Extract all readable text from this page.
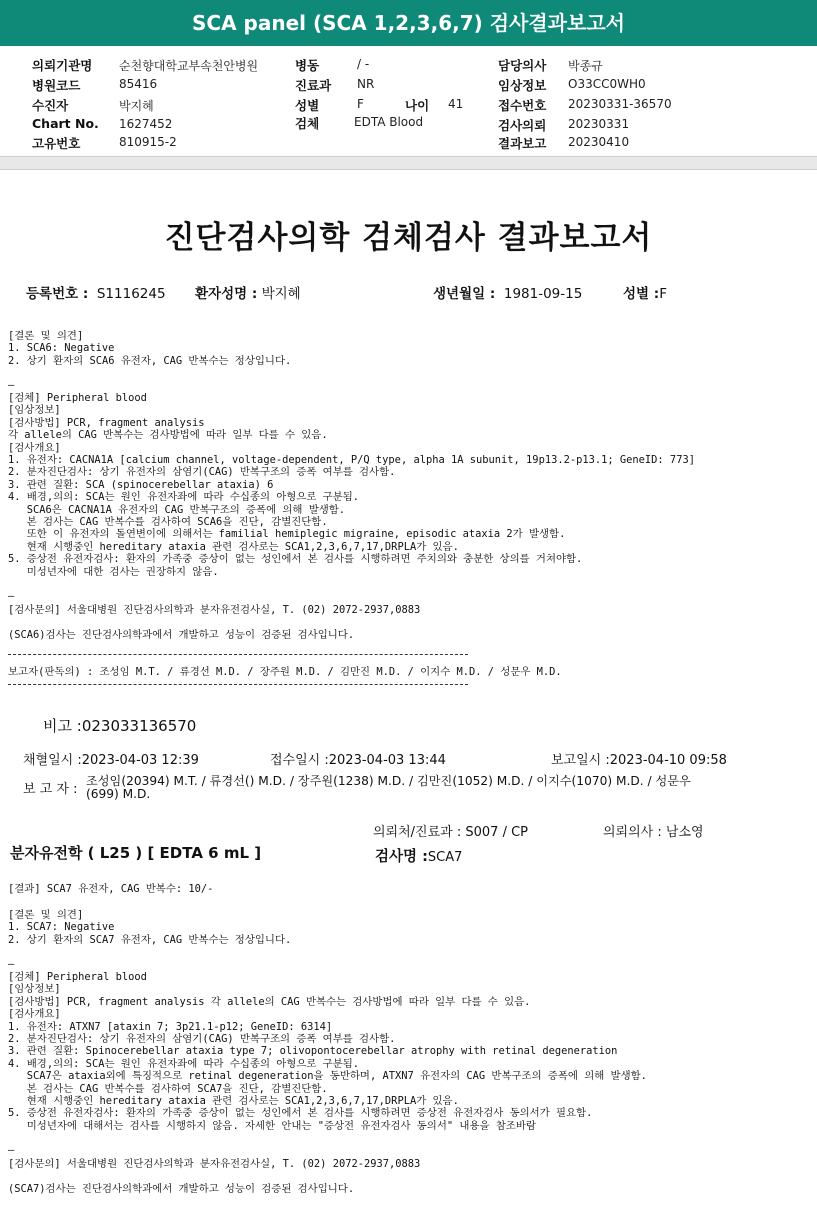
SCA panel (SCA 1,2,3,6,7) 검사결과보고서
의뢰기관명 순천향대학교부속천안병원	병동	/ -	담당의사 박종규
병원코드	85416	진료과 NR	임상정보 O33CC0WH0
수진자	박지혜	성별	F	나이 41	접수번호 20230331-36570
Chart No. 1627452	검체	EDTA Blood	검사의뢰 20230331
고유번호	810915-2	결과보고 20230410
진단검사의학 검체검사 결과보고서
등록번호 : S1116245 환자성명 : 박지혜	생년월일 : 1981-09-15	성별 :F
[결론 및 의견]
1. SCA6: Negative
2. 상기 환자의 SCA6 유전자, CAG 반복수는 정상입니다.
—
[검체] Peripheral blood
[임상정보]
[검사방법] PCR, fragment analysis
각 allele의 CAG 반복수는 검사방법에 따라 일부 다를 수 있음.
[검사개요]
1. 유전자: CACNA1A [calcium channel, voltage-dependent, P/Q type, alpha 1A subunit, 19p13.2-p13.1; GeneID: 773]
2. 분자진단검사: 상기 유전자의 삼염기(CAG) 반복구조의 증폭 여부를 검사함.
3. 관련 질환: SCA (spinocerebellar ataxia) 6
4. 배경,의의: SCA는 원인 유전자좌에 따라 수십종의 아형으로 구분됨.
SCA6은 CACNA1A 유전자의 CAG 반복구조의 증폭에 의해 발생함.
본 검사는 CAG 반복수를 검사하여 SCA6을 진단, 감별진단함.
또한 이 유전자의 돌연변이에 의해서는 familial hemiplegic migraine, episodic ataxia 2가 발생함.
현재 시행중인 hereditary ataxia 관련 검사로는 SCA1,2,3,6,7,17,DRPLA가 있음.
5. 증상전 유전자검사: 환자의 가족중 증상이 없는 성인에서 본 검사를 시행하려면 주치의와 충분한 상의를 거쳐야함.
미성년자에 대한 검사는 권장하지 않음.
—
[검사문의] 서울대병원 진단검사의학과 분자유전검사실, T. (02) 2072-2937,0883
(SCA6)검사는 진단검사의학과에서 개발하고 성능이 검증된 검사입니다.
보고자(판독의) : 조성임 M.T. / 류경선 M.D. / 장주원 M.D. / 김만진 M.D. / 이지수 M.D. / 성문우 M.D.
비고 :023033136570
채혈일시 :2023-04-03 12:39	접수일시 :2023-04-03 13:44	보고일시 :2023-04-10 09:58
보 고 자 :
조성임(20394) M.T. / 류경선() M.D. / 장주원(1238) M.D. / 김만진(1052) M.D. / 이지수(1070) M.D. / 성문우
(699) M.D.
의뢰처/진료과 : S007 / CP	의뢰의사 : 남소영
분자유전학 ( L25 ) [ EDTA 6 mL ]	검사명 :SCA7
[결과] SCA7 유전자, CAG 반복수: 10/-
[결론 및 의견]
1. SCA7: Negative
2. 상기 환자의 SCA7 유전자, CAG 반복수는 정상입니다.
—
[검체] Peripheral blood
[임상정보]
[검사방법] PCR, fragment analysis 각 allele의 CAG 반복수는 검사방법에 따라 일부 다를 수 있음.
[검사개요]
1. 유전자: ATXN7 [ataxin 7; 3p21.1-p12; GeneID: 6314]
2. 분자진단검사: 상기 유전자의 삼염기(CAG) 반복구조의 증폭 여부를 검사함.
3. 관련 질환: Spinocerebellar ataxia type 7; olivopontocerebellar atrophy with retinal degeneration
4. 배경,의의: SCA는 원인 유전자좌에 따라 수십종의 아형으로 구분됨.
SCA7은 ataxia외에 특징적으로 retinal degeneration을 동반하며, ATXN7 유전자의 CAG 반복구조의 증폭에 의해 발생함.
본 검사는 CAG 반복수를 검사하여 SCA7을 진단, 감별진단함.
현재 시행중인 hereditary ataxia 관련 검사로는 SCA1,2,3,6,7,17,DRPLA가 있음.
5. 증상전 유전자검사: 환자의 가족중 증상이 없는 성인에서 본 검사를 시행하려면 증상전 유전자검사 동의서가 필요함.
미성년자에 대해서는 검사를 시행하지 않음. 자세한 안내는 "증상전 유전자검사 동의서" 내용을 참조바람
—
[검사문의] 서울대병원 진단검사의학과 분자유전검사실, T. (02) 2072-2937,0883
(SCA7)검사는 진단검사의학과에서 개발하고 성능이 검증된 검사입니다.
